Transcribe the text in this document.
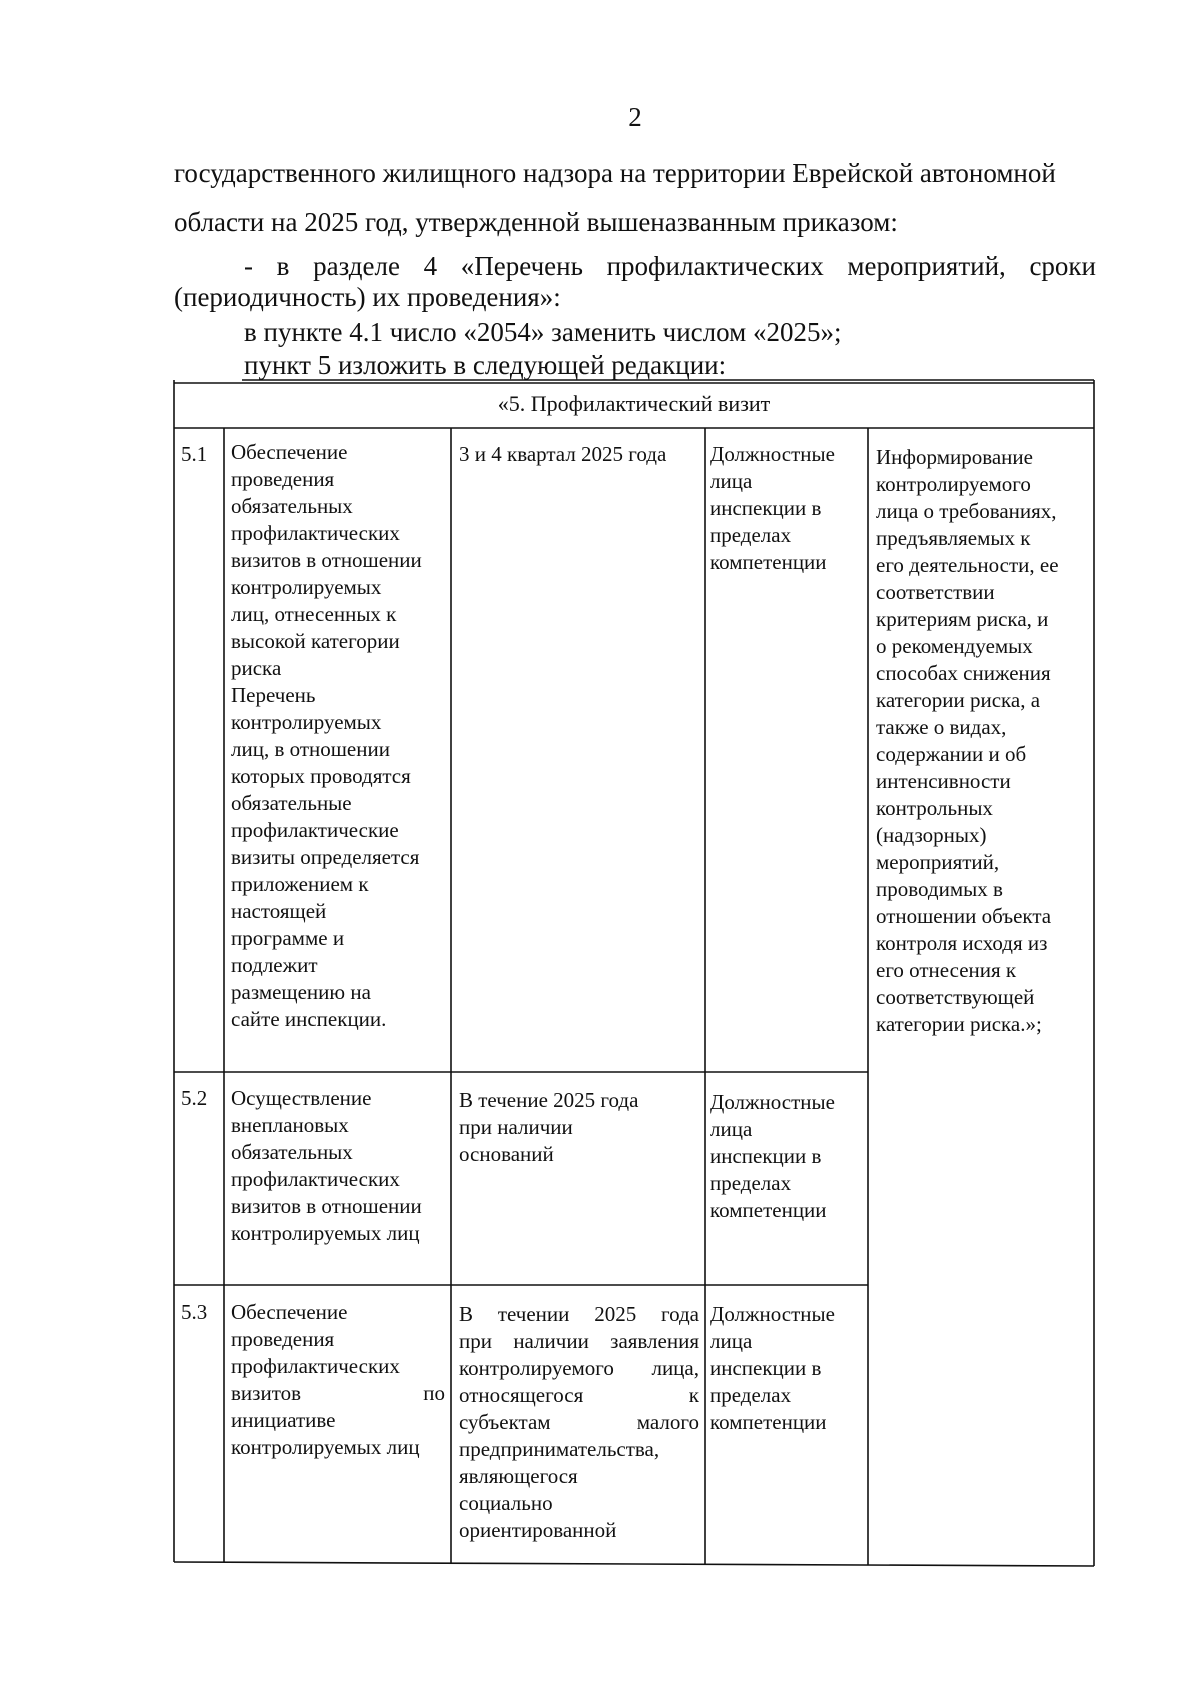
2
государственного жилищного надзора на территории Еврейской автономной
области на 2025 год, утвержденной вышеназванным приказом:
- в разделе 4 «Перечень профилактических мероприятий, сроки
(периодичность) их проведения»:
в пункте 4.1 число «2054» заменить числом «2025»;
пункт 5 изложить в следующей редакции:
«5. Профилактический визит
5.1 Обеспечение
проведения
обязательных
профилактических
визитов в отношении
контролируемых
лиц, отнесенных к
высокой категории
риска
Перечень
контролируемых
лиц, в отношении
которых проводятся
обязательные
профилактические
визиты определяется
приложением к
настоящей
программе и
подлежит
размещению на
сайте инспекции.
3 и 4 квартал 2025 года Должностные
лица
инспекции в
пределах
компетенции
Информирование
контролируемого
лица о требованиях,
предъявляемых к
его деятельности, ее
соответствии
критериям риска, и
о рекомендуемых
способах снижения
категории риска, а
также о видах,
содержании и об
интенсивности
контрольных
(надзорных)
мероприятий,
проводимых в
отношении объекта
контроля исходя из
его отнесения к
соответствующей
категории риска.»;
5.2 Осуществление
внеплановых
обязательных
профилактических
визитов в отношении
контролируемых лиц
В течение 2025 года
при наличии
оснований
Должностные
лица
инспекции в
пределах
компетенции
5.3 Обеспечение
проведения
профилактических
визитов по
инициативе
контролируемых лиц
В течении 2025 года
при наличии заявления
контролируемого лица,
относящегося к
субъектам малого
предпринимательства,
являющегося
социально
ориентированной
Должностные
лица
инспекции в
пределах
компетенции
